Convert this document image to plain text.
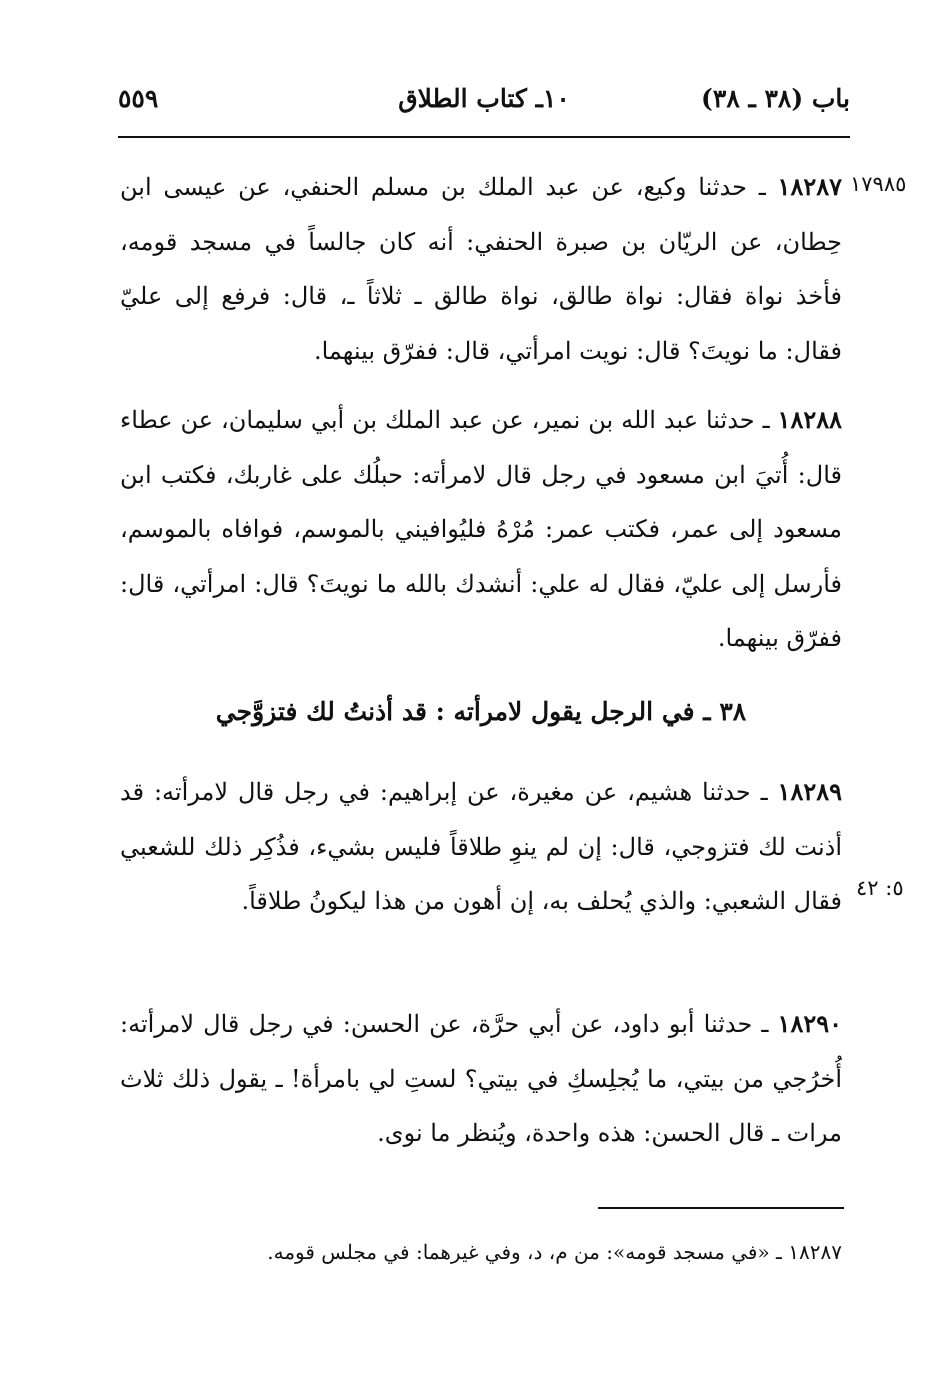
باب (٣٨ ـ ٣٨)
١٠ـ كتاب الطلاق
٥٥٩
١٧٩٨٥
٥: ٤٢
١٨٢٨٧ ـ حدثنا وكيع، عن عبد الملك بن مسلم الحنفي، عن عيسى ابن حِطان، عن الريّان بن صبرة الحنفي: أنه كان جالساً في مسجد قومه، فأخذ نواة فقال: نواة طالق، نواة طالق ـ ثلاثاً ـ، قال: فرفع إلى عليّ فقال: ما نويتَ؟ قال: نويت امرأتي، قال: ففرّق بينهما.
١٨٢٨٨ ـ حدثنا عبد الله بن نمير، عن عبد الملك بن أبي سليمان، عن عطاء قال: أُتيَ ابن مسعود في رجل قال لامرأته: حبلُك على غاربك، فكتب ابن مسعود إلى عمر، فكتب عمر: مُرْهُ فليُوافيني بالموسم، فوافاه بالموسم، فأرسل إلى عليّ، فقال له علي: أنشدك بالله ما نويتَ؟ قال: امرأتي، قال: ففرّق بينهما.
٣٨ ـ في الرجل يقول لامرأته : قد أذنتُ لك فتزوَّجي
١٨٢٨٩ ـ حدثنا هشيم، عن مغيرة، عن إبراهيم: في رجل قال لامرأته: قد أذنت لك فتزوجي، قال: إن لم ينوِ طلاقاً فليس بشيء، فذُكِر ذلك للشعبي فقال الشعبي: والذي يُحلف به، إن أهون من هذا ليكونُ طلاقاً.
١٨٢٩٠ ـ حدثنا أبو داود، عن أبي حرَّة، عن الحسن: في رجل قال لامرأته: أُخرُجي من بيتي، ما يُجلِسكِ في بيتي؟ لستِ لي بامرأة! ـ يقول ذلك ثلاث مرات ـ قال الحسن: هذه واحدة، ويُنظر ما نوى.
١٨٢٨٧ ـ «في مسجد قومه»: من م، د، وفي غيرهما: في مجلس قومه.
